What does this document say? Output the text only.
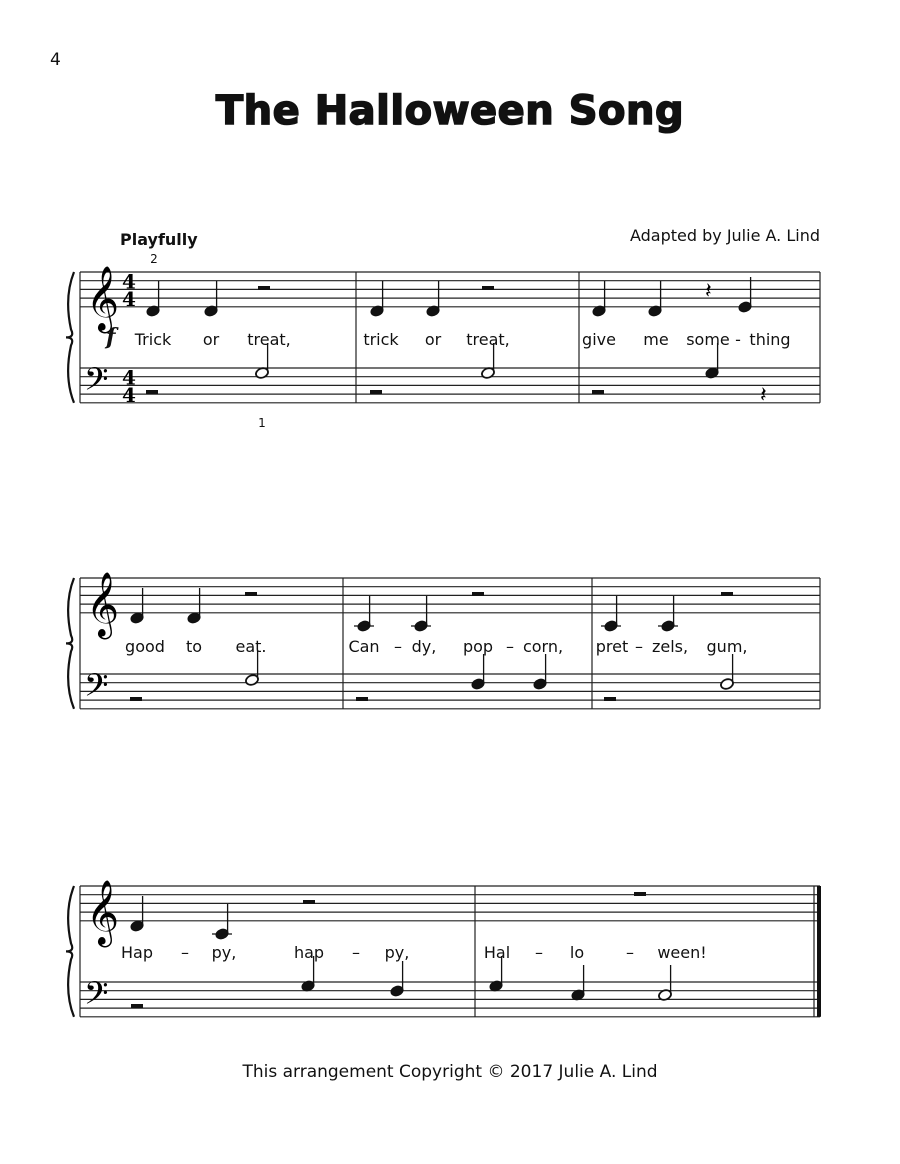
4
The Halloween Song
Playfully	Adapted by Julie A. Lind
𝄞
𝄢
4
4
4
4
𝄞
𝄢
𝄞
𝄢
𝄽
𝄽
f
2
1
Trick or treat,	trick or treat,	give me some - thing
good to eat.	Can – dy, pop – corn, pret – zels, gum,
Hap – py,	hap – py,	Hal – lo	– ween!
This arrangement Copyright © 2017 Julie A. Lind
